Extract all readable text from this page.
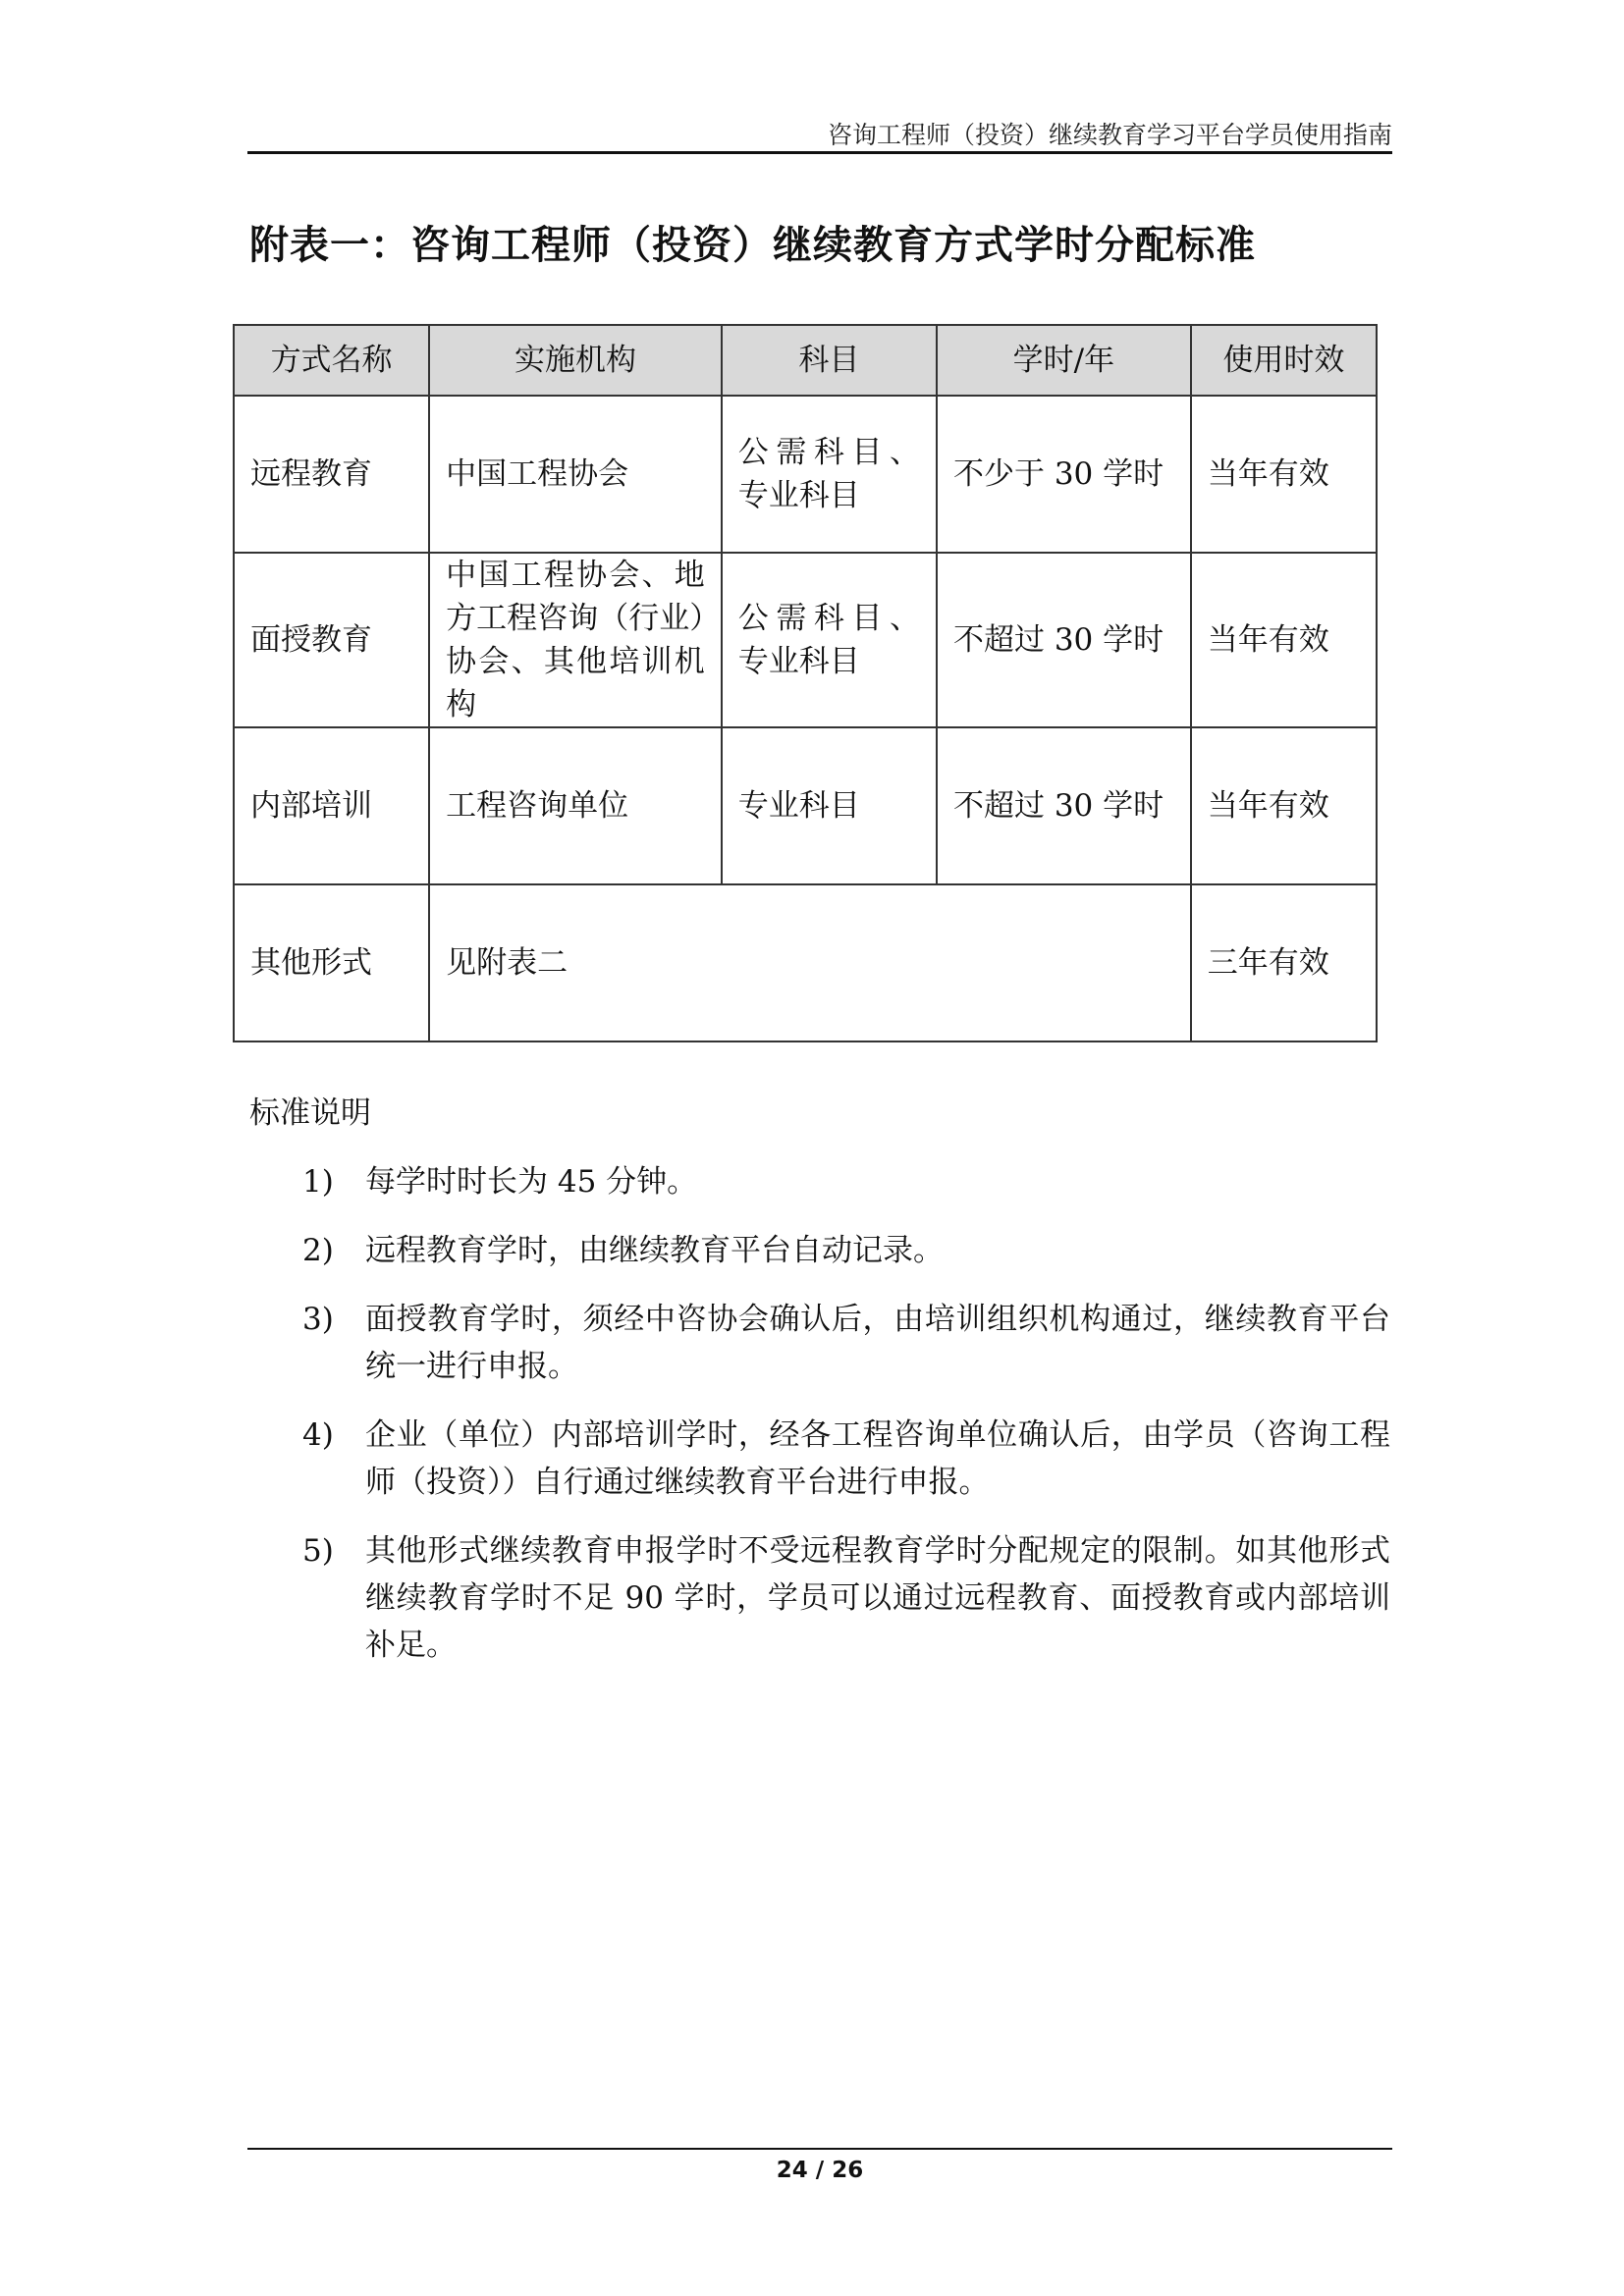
咨询工程师（投资）继续教育学习平台学员使用指南
附表一：咨询工程师（投资）继续教育方式学时分配标准
方式名称	实施机构	科目	学时/年	使用时效
远程教育	中国工程协会	公需科目、专业科目	不少于 30 学时	当年有效
面授教育	中国工程协会、地方工程咨询（行业）协会、其他培训机构	公需科目、专业科目	不超过 30 学时	当年有效
内部培训	工程咨询单位	专业科目	不超过 30 学时	当年有效
其他形式	见附表二			三年有效
标准说明
1)	每学时时长为 45 分钟。
2)	远程教育学时，由继续教育平台自动记录。
3)	面授教育学时，须经中咨协会确认后，由培训组织机构通过，继续教育平台统一进行申报。
4)	企业（单位）内部培训学时，经各工程咨询单位确认后，由学员（咨询工程师（投资））自行通过继续教育平台进行申报。
5)	其他形式继续教育申报学时不受远程教育学时分配规定的限制。如其他形式继续教育学时不足 90 学时，学员可以通过远程教育、面授教育或内部培训补足。
24 / 26
